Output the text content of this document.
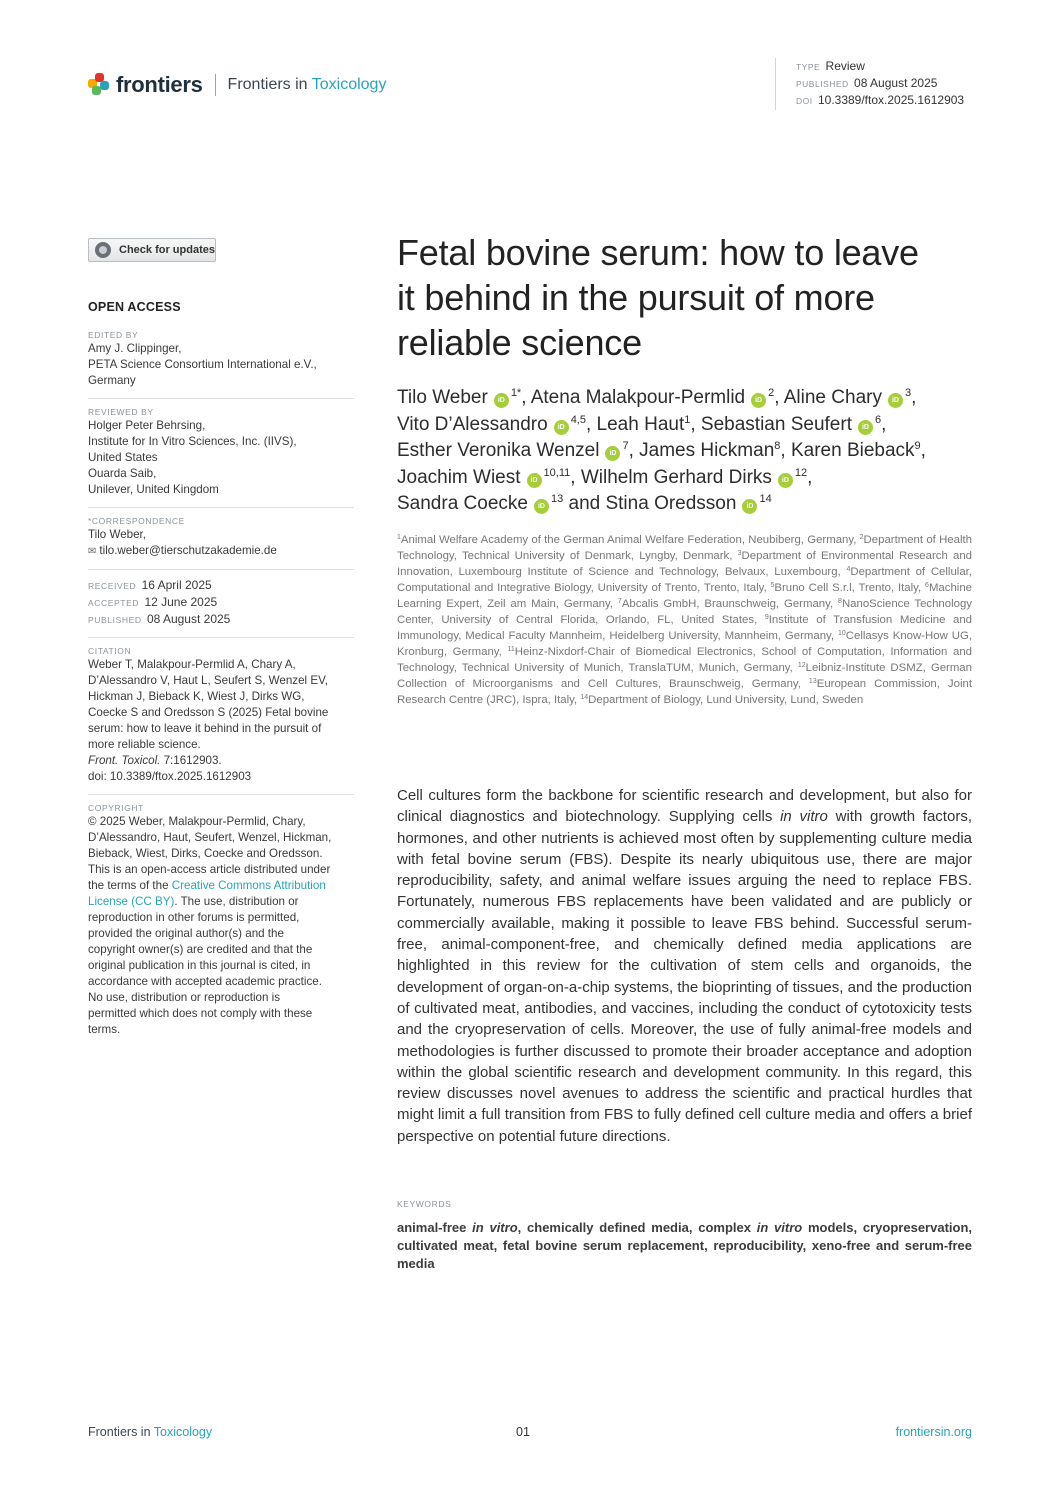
frontiers Frontiers in Toxicology
TYPE Review
PUBLISHED 08 August 2025
DOI 10.3389/ftox.2025.1612903
Check for updates
OPEN ACCESS
EDITED BY
Amy J. Clippinger,
PETA Science Consortium International e.V.,
Germany
REVIEWED BY
Holger Peter Behrsing,
Institute for In Vitro Sciences, Inc. (IIVS),
United States
Ouarda Saib,
Unilever, United Kingdom
*CORRESPONDENCE
Tilo Weber,
✉ tilo.weber@tierschutzakademie.de
RECEIVED 16 April 2025
ACCEPTED 12 June 2025
PUBLISHED 08 August 2025
CITATION
Weber T, Malakpour-Permlid A, Chary A,
D’Alessandro V, Haut L, Seufert S, Wenzel EV,
Hickman J, Bieback K, Wiest J, Dirks WG,
Coecke S and Oredsson S (2025) Fetal bovine
serum: how to leave it behind in the pursuit of
more reliable science.
Front. Toxicol. 7:1612903.
doi: 10.3389/ftox.2025.1612903
COPYRIGHT
© 2025 Weber, Malakpour-Permlid, Chary,
D’Alessandro, Haut, Seufert, Wenzel, Hickman,
Bieback, Wiest, Dirks, Coecke and Oredsson.
This is an open-access article distributed under
the terms of the Creative Commons Attribution
License (CC BY). The use, distribution or
reproduction in other forums is permitted,
provided the original author(s) and the
copyright owner(s) are credited and that the
original publication in this journal is cited, in
accordance with accepted academic practice.
No use, distribution or reproduction is
permitted which does not comply with these
terms.
Fetal bovine serum: how to leave
it behind in the pursuit of more
reliable science
Tilo Weber $iD^{1*}$, Atena Malakpour-Permlid $iD^2$, Aline Chary $iD^3$,
Vito D’Alessandro iD$^{4,5}$, Leah Haut$^1$, Sebastian Seufert $iD^6$,
Esther Veronika Wenzel $iD^7$, James Hickman$^8$, Karen Bieback$^9$,
Joachim Wiest iD$^{10,11}$, Wilhelm Gerhard Dirks $iD^{12}$,
Sandra Coecke $iD^{13}$ and Stina Oredsson $iD^{14}$
$^1$Animal Welfare Academy of the German Animal Welfare Federation, Neubiberg, Germany, $^2$Department of Health Technology, Technical University of Denmark, Lyngby, Denmark, $^3$Department of Environmental Research and Innovation, Luxembourg Institute of Science and Technology, Belvaux, Luxembourg, $^4$Department of Cellular, Computational and Integrative Biology, University of Trento, Trento, Italy, $^5$Bruno Cell S.r.l, Trento, Italy, $^6$Machine Learning Expert, Zeil am Main, Germany, $^7$Abcalis GmbH, Braunschweig, Germany, $^8$NanoScience Technology Center, University of Central Florida, Orlando, FL, United States, $^9$Institute of Transfusion Medicine and Immunology, Medical Faculty Mannheim, Heidelberg University, Mannheim, Germany, $^{10}$Cellasys Know-How UG, Kronburg, Germany, $^{11}$Heinz-Nixdorf-Chair of Biomedical Electronics, School of Computation, Information and Technology, Technical University of Munich, TranslaTUM, Munich, Germany, $^{12}$Leibniz-Institute DSMZ, German Collection of Microorganisms and Cell Cultures, Braunschweig, Germany, $^{13}$European Commission, Joint Research Centre (JRC), Ispra, Italy, $^{14}$Department of Biology, Lund University, Lund, Sweden
Cell cultures form the backbone for scientific research and development, but also for clinical diagnostics and biotechnology. Supplying cells in vitro with growth factors, hormones, and other nutrients is achieved most often by supplementing culture media with fetal bovine serum (FBS). Despite its nearly ubiquitous use, there are major reproducibility, safety, and animal welfare issues arguing the need to replace FBS. Fortunately, numerous FBS replacements have been validated and are publicly or commercially available, making it possible to leave FBS behind. Successful serum-free, animal-component-free, and chemically defined media applications are highlighted in this review for the cultivation of stem cells and organoids, the development of organ-on-a-chip systems, the bioprinting of tissues, and the production of cultivated meat, antibodies, and vaccines, including the conduct of cytotoxicity tests and the cryopreservation of cells. Moreover, the use of fully animal-free models and methodologies is further discussed to promote their broader acceptance and adoption within the global scientific research and development community. In this regard, this review discusses novel avenues to address the scientific and practical hurdles that might limit a full transition from FBS to fully defined cell culture media and offers a brief perspective on potential future directions.
KEYWORDS
animal-free in vitro, chemically defined media, complex in vitro models, cryopreservation, cultivated meat, fetal bovine serum replacement, reproducibility, xeno-free and serum-free media
Frontiers in Toxicology	01	frontiersin.org
